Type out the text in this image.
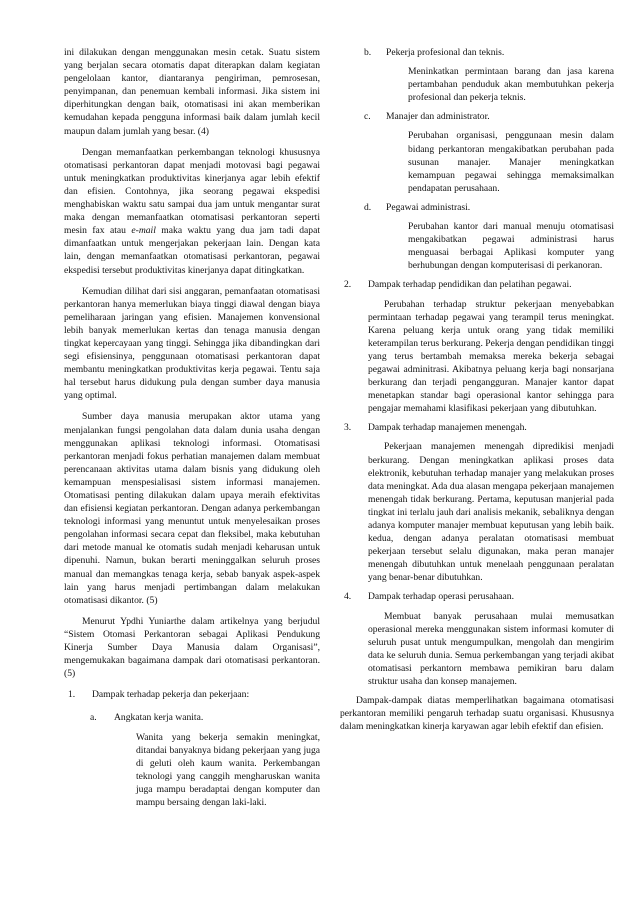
ini dilakukan dengan menggunakan mesin cetak. Suatu sistem yang berjalan secara otomatis dapat diterapkan dalam kegiatan pengelolaan kantor, diantaranya pengiriman, pemrosesan, penyimpanan, dan penemuan kembali informasi. Jika sistem ini diperhitungkan dengan baik, otomatisasi ini akan memberikan kemudahan kepada pengguna informasi baik dalam jumlah kecil maupun dalam jumlah yang besar. (4)

Dengan memanfaatkan perkembangan teknologi khususnya otomatisasi perkantoran dapat menjadi motovasi bagi pegawai untuk meningkatkan produktivitas kinerjanya agar lebih efektif dan efisien. Contohnya, jika seorang pegawai ekspedisi menghabiskan waktu satu sampai dua jam untuk mengantar surat maka dengan memanfaatkan otomatisasi perkantoran seperti mesin fax atau e-mail maka waktu yang dua jam tadi dapat dimanfaatkan untuk mengerjakan pekerjaan lain. Dengan kata lain, dengan memanfaatkan otomatisasi perkantoran, pegawai ekspedisi tersebut produktivitas kinerjanya dapat ditingkatkan.

Kemudian dilihat dari sisi anggaran, pemanfaatan otomatisasi perkantoran hanya memerlukan biaya tinggi diawal dengan biaya pemeliharaan jaringan yang efisien. Manajemen konvensional lebih banyak memerlukan kertas dan tenaga manusia dengan tingkat kepercayaan yang tinggi. Sehingga jika dibandingkan dari segi efisiensinya, penggunaan otomatisasi perkantoran dapat membantu meningkatkan produktivitas kerja pegawai. Tentu saja hal tersebut harus didukung pula dengan sumber daya manusia yang optimal.

Sumber daya manusia merupakan aktor utama yang menjalankan fungsi pengolahan data dalam dunia usaha dengan menggunakan aplikasi teknologi informasi. Otomatisasi perkantoran menjadi fokus perhatian manajemen dalam membuat perencanaan aktivitas utama dalam bisnis yang didukung oleh kemampuan menspesialisasi sistem informasi manajemen. Otomatisasi penting dilakukan dalam upaya meraih efektivitas dan efisiensi kegiatan perkantoran. Dengan adanya perkembangan teknologi informasi yang menuntut untuk menyelesaikan proses pengolahan informasi secara cepat dan fleksibel, maka kebutuhan dari metode manual ke otomatis sudah menjadi keharusan untuk dipenuhi. Namun, bukan berarti meninggalkan seluruh proses manual dan memangkas tenaga kerja, sebab banyak aspek-aspek lain yang harus menjadi pertimbangan dalam melakukan otomatisasi dikantor. (5)

Menurut Ypdhi Yuniarthe dalam artikelnya yang berjudul “Sistem Otomasi Perkantoran sebagai Aplikasi Pendukung Kinerja Sumber Daya Manusia dalam Organisasi”, mengemukakan bagaimana dampak dari otomatisasi perkantoran. (5)

1. Dampak terhadap pekerja dan pekerjaan:
a. Angkatan kerja wanita.
Wanita yang bekerja semakin meningkat, ditandai banyaknya bidang pekerjaan yang juga di geluti oleh kaum wanita. Perkembangan teknologi yang canggih mengharuskan wanita juga mampu beradaptai dengan komputer dan mampu bersaing dengan laki-laki.
b. Pekerja profesional dan teknis.
Meninkatkan permintaan barang dan jasa karena pertambahan penduduk akan membutuhkan pekerja profesional dan pekerja teknis.
c. Manajer dan administrator.
Perubahan organisasi, penggunaan mesin dalam bidang perkantoran mengakibatkan perubahan pada susunan manajer. Manajer meningkatkan kemampuan pegawai sehingga memaksimalkan pendapatan perusahaan.
d. Pegawai administrasi.
Perubahan kantor dari manual menuju otomatisasi mengakibatkan pegawai administrasi harus menguasai berbagai Aplikasi komputer yang berhubungan dengan komputerisasi di perkanoran.
2. Dampak terhadap pendidikan dan pelatihan pegawai.
Perubahan terhadap struktur pekerjaan menyebabkan permintaan terhadap pegawai yang terampil terus meningkat. Karena peluang kerja untuk orang yang tidak memiliki keterampilan terus berkurang. Pekerja dengan pendidikan tinggi yang terus bertambah memaksa mereka bekerja sebagai pegawai adminitrasi. Akibatnya peluang kerja bagi nonsarjana berkurang dan terjadi pengangguran. Manajer kantor dapat menetapkan standar bagi operasional kantor sehingga para pengajar memahami klasifikasi pekerjaan yang dibutuhkan.
3. Dampak terhadap manajemen menengah.
Pekerjaan manajemen menengah dipredikisi menjadi berkurang. Dengan meningkatkan aplikasi proses data elektronik, kebutuhan terhadap manajer yang melakukan proses data meningkat. Ada dua alasan mengapa pekerjaan manajemen menengah tidak berkurang. Pertama, keputusan manjerial pada tingkat ini terlalu jauh dari analisis mekanik, sebaliknya dengan adanya komputer manajer membuat keputusan yang lebih baik. kedua, dengan adanya peralatan otomatisasi membuat pekerjaan tersebut selalu digunakan, maka peran manajer menengah dibutuhkan untuk menelaah penggunaan peralatan yang benar-benar dibutuhkan.
4. Dampak terhadap operasi perusahaan.
Membuat banyak perusahaan mulai memusatkan operasional mereka menggunakan sistem informasi komuter di seluruh pusat untuk mengumpulkan, mengolah dan mengirim data ke seluruh dunia. Semua perkembangan yang terjadi akibat otomatisasi perkantorn membawa pemikiran baru dalam struktur usaha dan konsep manajemen.

Dampak-dampak diatas memperlihatkan bagaimana otomatisasi perkantoran memiliki pengaruh terhadap suatu organisasi. Khususnya dalam meningkatkan kinerja karyawan agar lebih efektif dan efisien.
